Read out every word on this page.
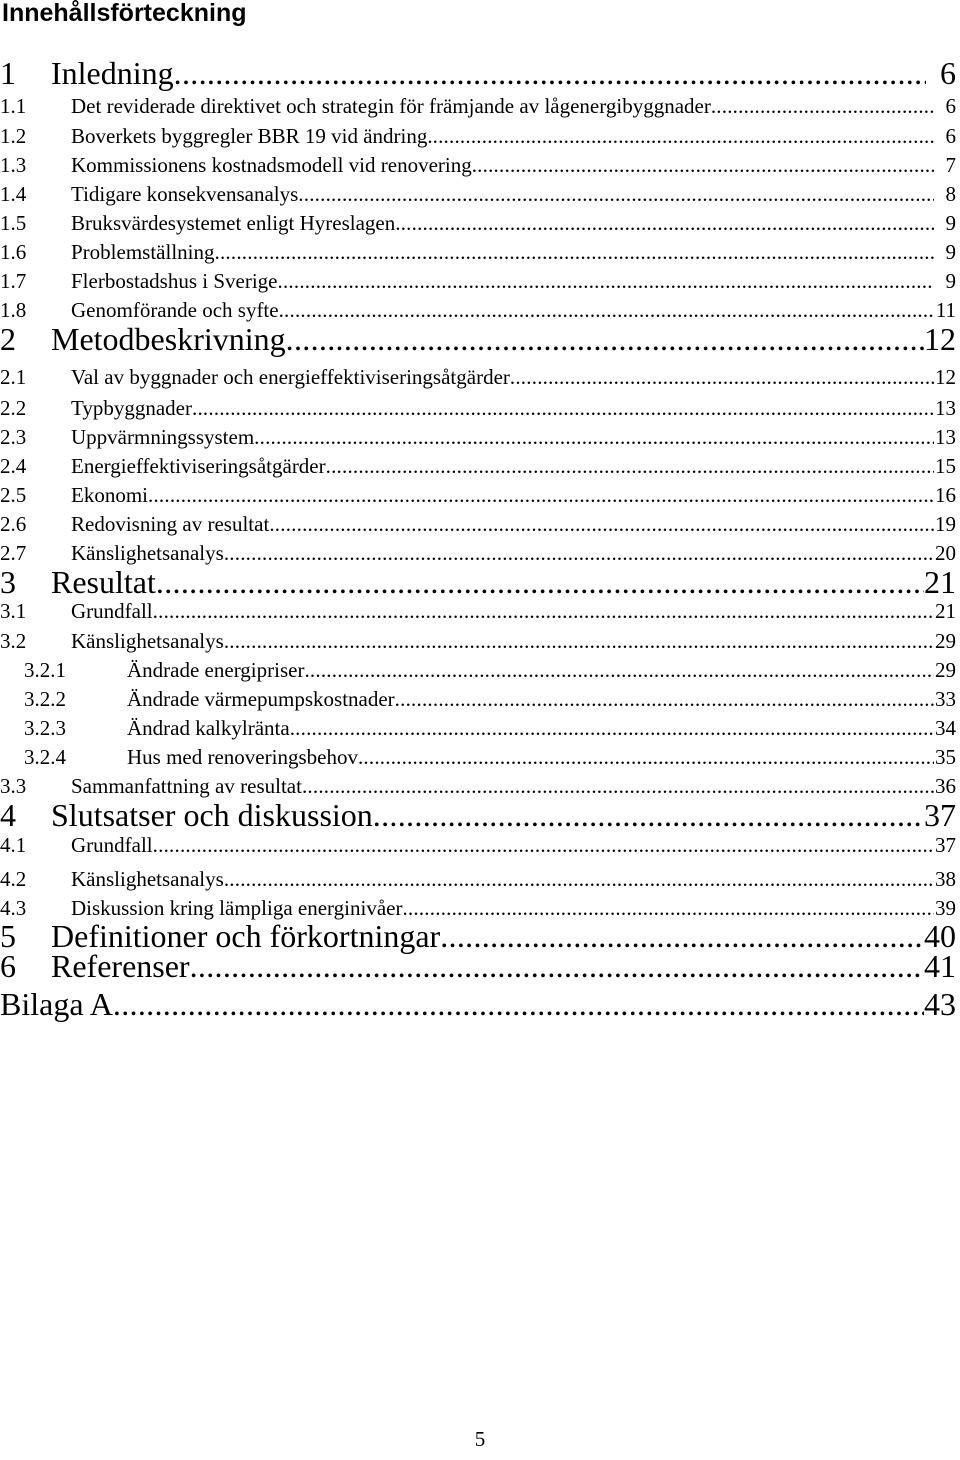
Innehållsförteckning
1	Inledning . . .	6
1.1	Det reviderade direktivet och strategin för främjande av lågenergibyggnader . . .	6
1.2	Boverkets byggregler BBR 19 vid ändring. . . .	6
1.3	Kommissionens kostnadsmodell vid renovering . . .	7
1.4	Tidigare konsekvensanalys . . .	8
1.5	Bruksvärdesystemet enligt Hyreslagen . . .	9
1.6	Problemställning . . .	9
1.7	Flerbostadshus i Sverige . . .	9
1.8	Genomförande och syfte . . .	11
2	Metodbeskrivning . . .	12
2.1	Val av byggnader och energieffektiviseringsåtgärder . . .	12
2.2	Typbyggnader . . .	13
2.3	Uppvärmningssystem . . .	13
2.4	Energieffektiviseringsåtgärder . . .	15
2.5	Ekonomi . . .	16
2.6	Redovisning av resultat . . .	19
2.7	Känslighetsanalys . . .	20
3	Resultat . . .	21
3.1	Grundfall . . .	21
3.2	Känslighetsanalys . . .	29
3.2.1	Ändrade energipriser . . .	29
3.2.2	Ändrade värmepumpskostnader . . .	33
3.2.3	Ändrad kalkylränta . . .	34
3.2.4	Hus med renoveringsbehov . . .	35
3.3	Sammanfattning av resultat . . .	36
4	Slutsatser och diskussion . . .	37
4.1	Grundfall . . .	37
4.2	Känslighetsanalys . . .	38
4.3	Diskussion kring lämpliga energinivåer . . .	39
5	Definitioner och förkortningar . . .	40
6	Referenser . . .	41
Bilaga A . . .	43
5
